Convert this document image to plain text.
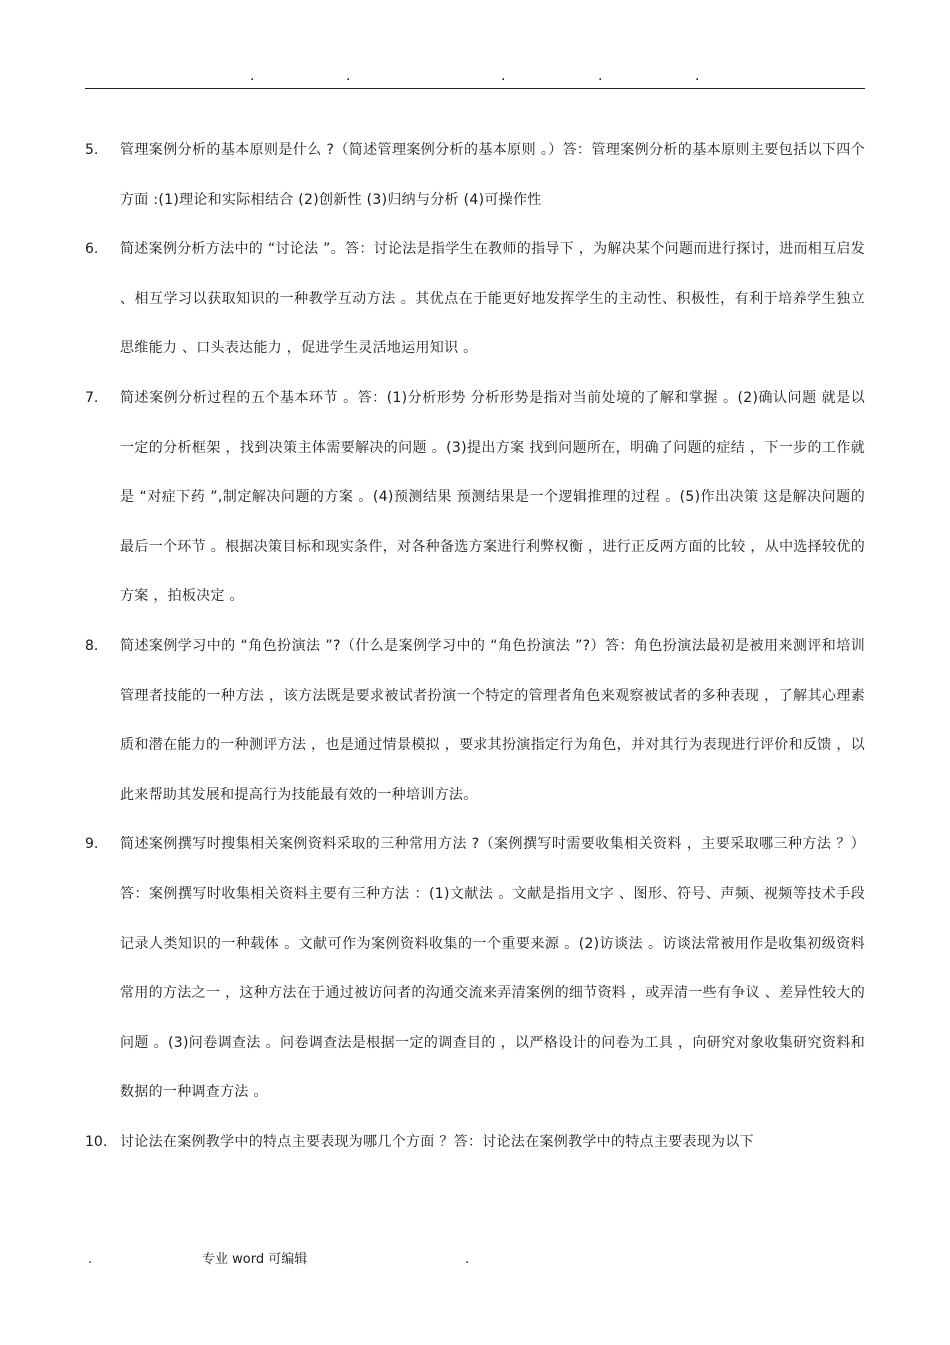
.	.	.	.	.
5. 管理案例分析的基本原则是什么 ?（简述管理案例分析的基本原则 。）答：管理案例分析的基本原则主要包括以下四个方面 :(1)理论和实际相结合 (2)创新性 (3)归纳与分析 (4)可操作性
6. 简述案例分析方法中的 “讨论法 ”。答：讨论法是指学生在教师的指导下 ，为解决某个问题而进行探讨，进而相互启发 、相互学习以获取知识的一种教学互动方法 。其优点在于能更好地发挥学生的主动性、积极性，有利于培养学生独立思维能力 、口头表达能力 ，促进学生灵活地运用知识 。
7. 简述案例分析过程的五个基本环节 。答：(1)分析形势 分析形势是指对当前处境的了解和掌握 。(2)确认问题 就是以一定的分析框架 ，找到决策主体需要解决的问题 。(3)提出方案 找到问题所在，明确了问题的症结 ，下一步的工作就是 “对症下药 ”,制定解决问题的方案 。(4)预测结果 预测结果是一个逻辑推理的过程 。(5)作出决策 这是解决问题的最后一个环节 。根据决策目标和现实条件，对各种备选方案进行利弊权衡 ，进行正反两方面的比较 ，从中选择较优的方案 ，拍板决定 。
8. 简述案例学习中的 “角色扮演法 ”?（什么是案例学习中的 “角色扮演法 ”?）答：角色扮演法最初是被用来测评和培训管理者技能的一种方法 ，该方法既是要求被试者扮演一个特定的管理者角色来观察被试者的多种表现 ，了解其心理素质和潜在能力的一种测评方法 ，也是通过情景模拟 ，要求其扮演指定行为角色，并对其行为表现进行评价和反馈 ，以此来帮助其发展和提高行为技能最有效的一种培训方法。
9. 简述案例撰写时搜集相关案例资料采取的三种常用方法 ?（案例撰写时需要收集相关资料 ，主要采取哪三种方法 ？）答：案例撰写时收集相关资料主要有三种方法 ：(1)文献法 。文献是指用文字 、图形、符号、声频、视频等技术手段记录人类知识的一种载体 。文献可作为案例资料收集的一个重要来源 。(2)访谈法 。访谈法常被用作是收集初级资料常用的方法之一 ，这种方法在于通过被访问者的沟通交流来弄清案例的细节资料 ，或弄清一些有争议 、差异性较大的问题 。(3)问卷调查法 。问卷调查法是根据一定的调查目的 ，以严格设计的问卷为工具 ，向研究对象收集研究资料和数据的一种调查方法 。
10. 讨论法在案例教学中的特点主要表现为哪几个方面 ？答：讨论法在案例教学中的特点主要表现为以下
.	专业 word 可编辑	.
